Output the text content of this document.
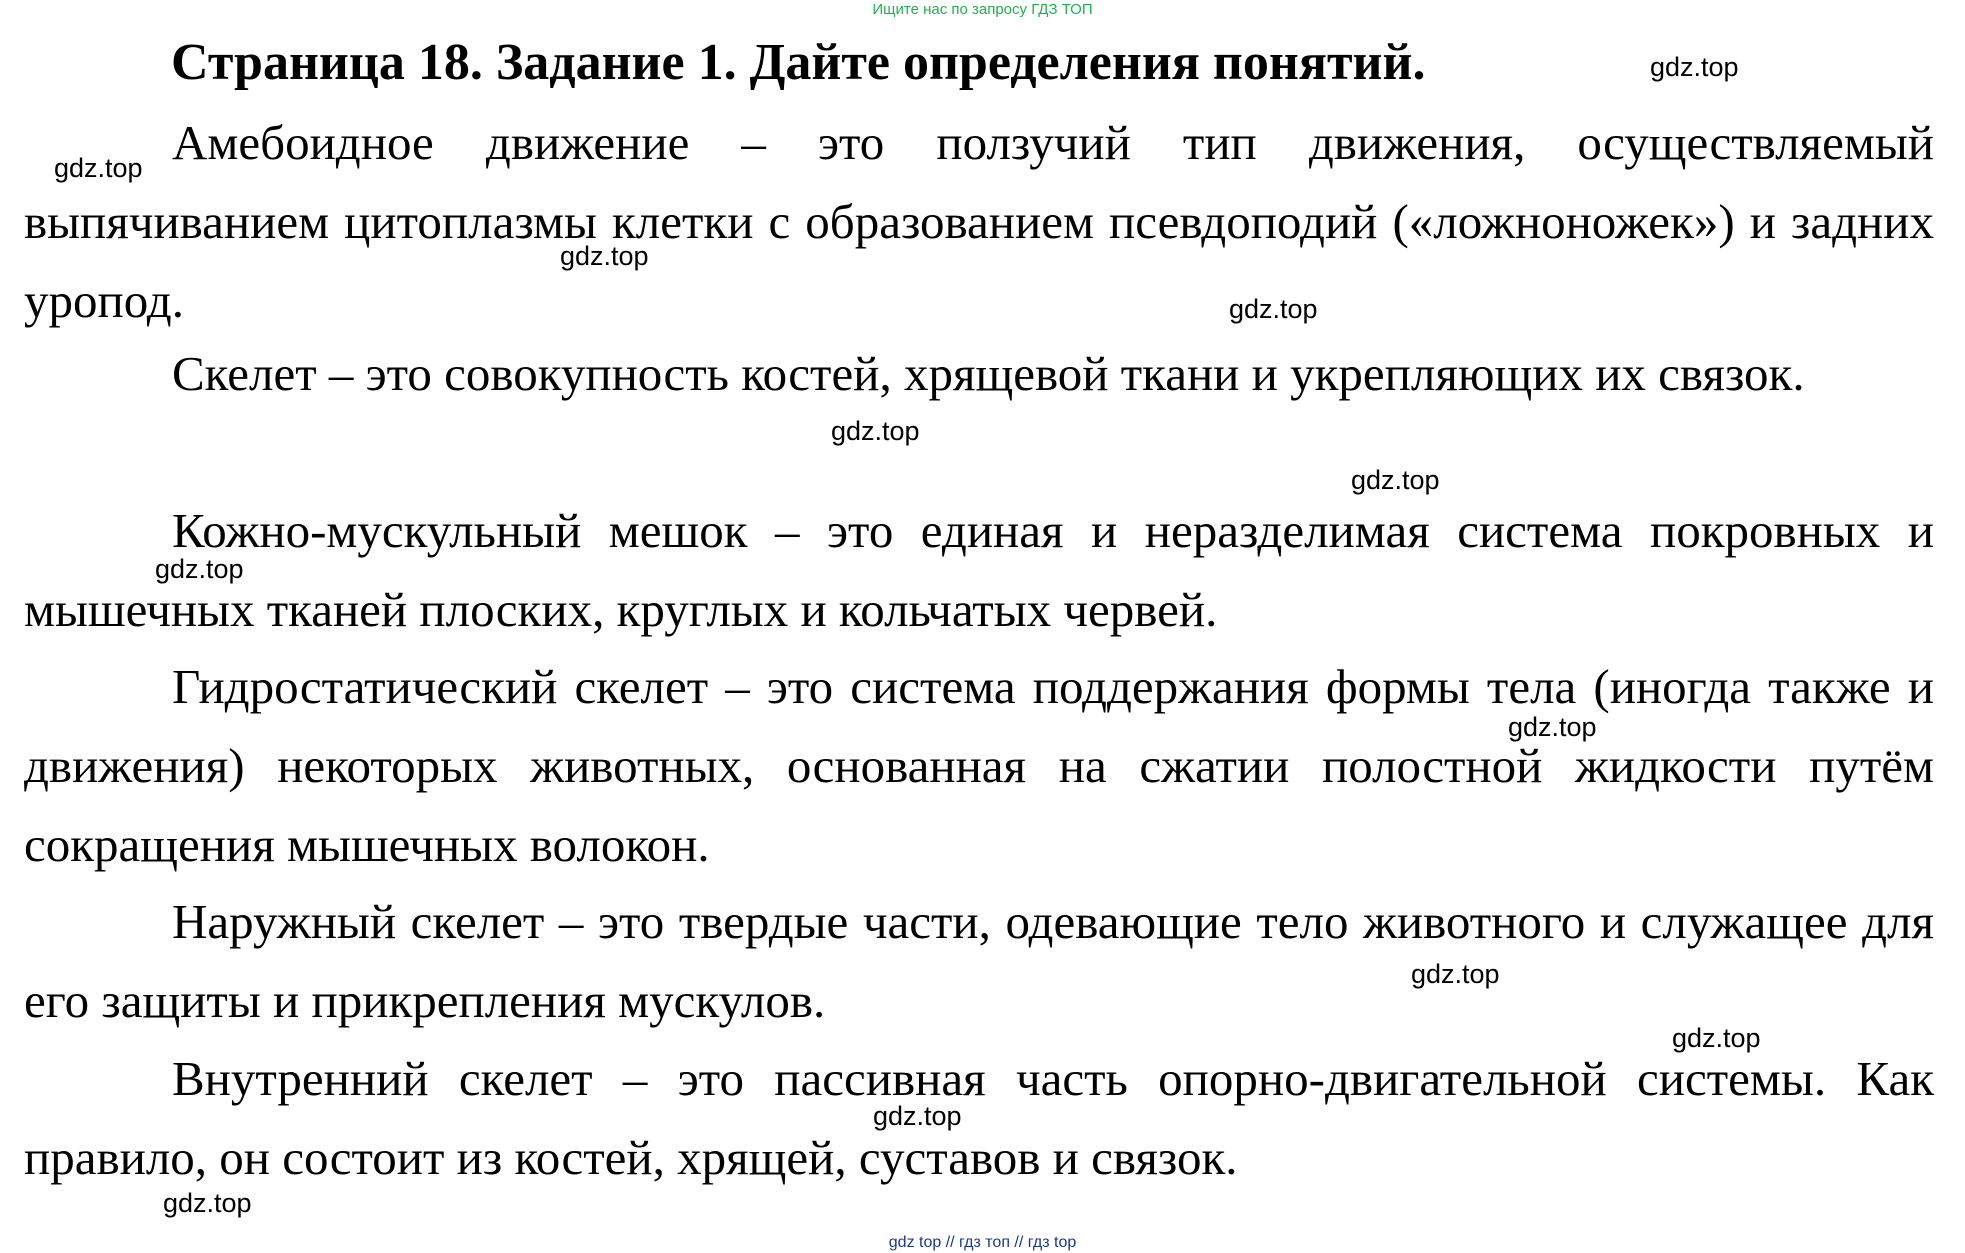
Ищите нас по запросу ГДЗ ТОП
Страница 18. Задание 1. Дайте определения понятий.

Амебоидное движение – это ползучий тип движения, осуществляемый выпячиванием цитоплазмы клетки с образованием псевдоподий («ложноножек») и задних уропод.

Скелет – это совокупность костей, хрящевой ткани и укрепляющих их связок.

Кожно-мускульный мешок – это единая и неразделимая система покровных и мышечных тканей плоских, круглых и кольчатых червей.

Гидростатический скелет – это система поддержания формы тела (иногда также и движения) некоторых животных, основанная на сжатии полостной жидкости путём сокращения мышечных волокон.

Наружный скелет – это твердые части, одевающие тело животного и служащее для его защиты и прикрепления мускулов.

Внутренний скелет – это пассивная часть опорно-двигательной системы. Как правило, он состоит из костей, хрящей, суставов и связок.

gdz.top
gdz.top
gdz.top
gdz.top
gdz.top
gdz.top
gdz.top
gdz.top
gdz.top
gdz.top
gdz.top
gdz.top
gdz top // гдз топ // гдз top
